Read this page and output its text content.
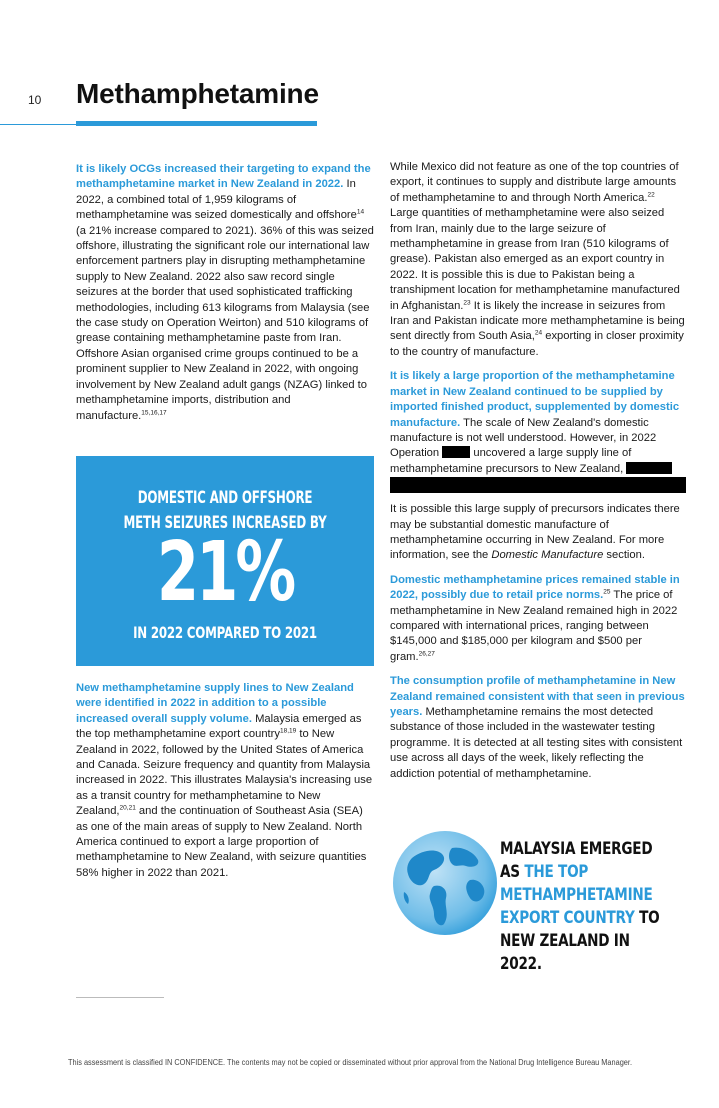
10 Methamphetamine

It is likely OCGs increased their targeting to expand the methamphetamine market in New Zealand in 2022. In 2022, a combined total of 1,959 kilograms of methamphetamine was seized domestically and offshore$^{14}$ (a 21% increase compared to 2021). 36% of this was seized offshore, illustrating the significant role our international law enforcement partners play in disrupting methamphetamine supply to New Zealand. 2022 also saw record single seizures at the border that used sophisticated trafficking methodologies, including 613 kilograms from Malaysia (see the case study on Operation Weirton) and 510 kilograms of grease containing methamphetamine paste from Iran. Offshore Asian organised crime groups continued to be a prominent supplier to New Zealand in 2022, with ongoing involvement by New Zealand adult gangs (NZAG) linked to methamphetamine imports, distribution and manufacture.$^{15,16,17}$

DOMESTIC AND OFFSHORE METH SEIZURES INCREASED BY
21%
IN 2022 COMPARED TO 2021

New methamphetamine supply lines to New Zealand were identified in 2022 in addition to a possible increased overall supply volume. Malaysia emerged as the top methamphetamine export country$^{18,19}$ to New Zealand in 2022, followed by the United States of America and Canada. Seizure frequency and quantity from Malaysia increased in 2022. This illustrates Malaysia's increasing use as a transit country for methamphetamine to New Zealand,$^{20,21}$ and the continuation of Southeast Asia (SEA) as one of the main areas of supply to New Zealand. North America continued to export a large proportion of methamphetamine to New Zealand, with seizure quantities 58% higher in 2022 than 2021.

While Mexico did not feature as one of the top countries of export, it continues to supply and distribute large amounts of methamphetamine to and through North America.$^{22}$ Large quantities of methamphetamine were also seized from Iran, mainly due to the large seizure of methamphetamine in grease from Iran (510 kilograms of grease). Pakistan also emerged as an export country in 2022. It is possible this is due to Pakistan being a transhipment location for methamphetamine manufactured in Afghanistan.$^{23}$ It is likely the increase in seizures from Iran and Pakistan indicate more methamphetamine is being sent directly from South Asia,$^{24}$ exporting in closer proximity to the country of manufacture.

It is likely a large proportion of the methamphetamine market in New Zealand continued to be supplied by imported finished product, supplemented by domestic manufacture. The scale of New Zealand's domestic manufacture is not well understood. However, in 2022 Operation	uncovered a large supply line of methamphetamine precursors to New Zealand,

It is possible this large supply of precursors indicates there may be substantial domestic manufacture of methamphetamine occurring in New Zealand. For more information, see the Domestic Manufacture section.

Domestic methamphetamine prices remained stable in 2022, possibly due to retail price norms.$^{25}$ The price of methamphetamine in New Zealand remained high in 2022 compared with international prices, ranging between $145,000 and $185,000 per kilogram and $500 per gram.$^{26,27}$

The consumption profile of methamphetamine in New Zealand remained consistent with that seen in previous years. Methamphetamine remains the most detected substance of those included in the wastewater testing programme. It is detected at all testing sites with consistent use across all days of the week, likely reflecting the addiction potential of methamphetamine.

MALAYSIA EMERGED AS THE TOP METHAMPHETAMINE EXPORT COUNTRY TO NEW ZEALAND IN 2022.
This assessment is classified IN CONFIDENCE. The contents may not be copied or disseminated without prior approval from the National Drug Intelligence Bureau Manager.
